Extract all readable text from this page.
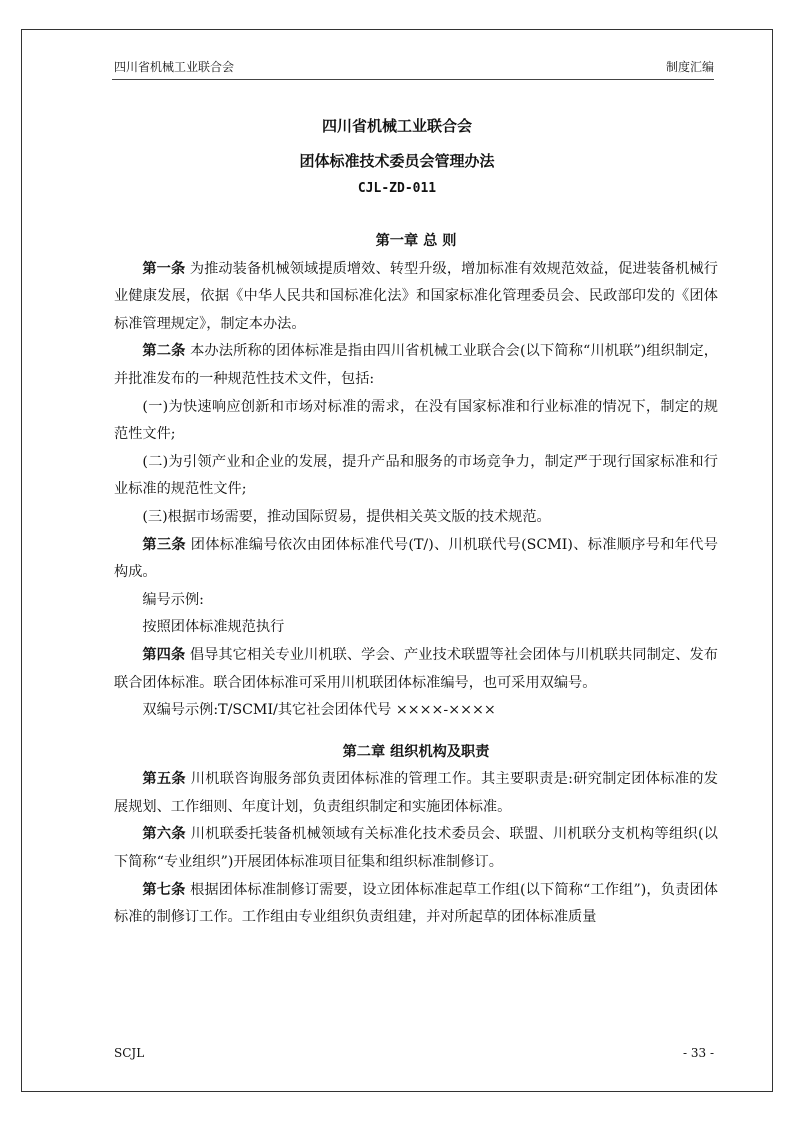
四川省机械工业联合会	制度汇编
四川省机械工业联合会
团体标准技术委员会管理办法
CJL-ZD-011

第一章 总 则

第一条 为推动装备机械领域提质增效、转型升级，增加标准有效规范效益，促进装备机械行业健康发展，依据《中华人民共和国标准化法》和国家标准化管理委员会、民政部印发的《团体标准管理规定》，制定本办法。

第二条 本办法所称的团体标准是指由四川省机械工业联合会(以下简称“川机联”)组织制定，并批准发布的一种规范性技术文件，包括:

(一)为快速响应创新和市场对标准的需求，在没有国家标准和行业标准的情况下，制定的规范性文件;

(二)为引领产业和企业的发展，提升产品和服务的市场竞争力，制定严于现行国家标准和行业标准的规范性文件;

(三)根据市场需要，推动国际贸易，提供相关英文版的技术规范。

第三条 团体标准编号依次由团体标准代号(T/)、川机联代号(SCMI)、标准顺序号和年代号构成。

编号示例:

按照团体标准规范执行

第四条 倡导其它相关专业川机联、学会、产业技术联盟等社会团体与川机联共同制定、发布联合团体标准。联合团体标准可采用川机联团体标准编号，也可采用双编号。

双编号示例:T/SCMI/其它社会团体代号 ××××-××××

第二章 组织机构及职责

第五条 川机联咨询服务部负责团体标准的管理工作。其主要职责是:研究制定团体标准的发展规划、工作细则、年度计划，负责组织制定和实施团体标准。

第六条 川机联委托装备机械领域有关标准化技术委员会、联盟、川机联分支机构等组织(以下简称“专业组织”)开展团体标准项目征集和组织标准制修订。

第七条 根据团体标准制修订需要，设立团体标准起草工作组(以下简称“工作组”)，负责团体标准的制修订工作。工作组由专业组织负责组建，并对所起草的团体标准质量

SCJL	- 33 -
